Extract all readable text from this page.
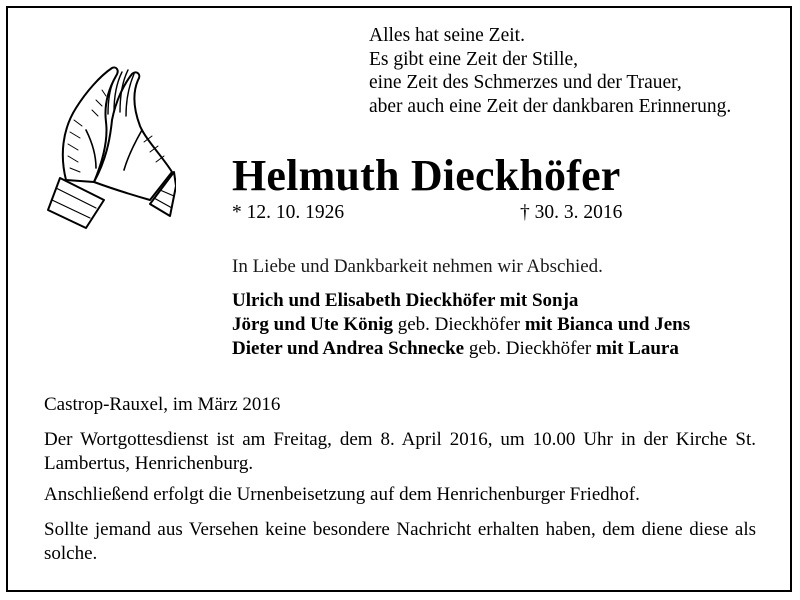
Alles hat seine Zeit.
Es gibt eine Zeit der Stille,
eine Zeit des Schmerzes und der Trauer,
aber auch eine Zeit der dankbaren Erinnerung.
Helmuth Dieckhöfer
* 12. 10. 1926	† 30. 3. 2016
In Liebe und Dankbarkeit nehmen wir Abschied.
Ulrich und Elisabeth Dieckhöfer mit Sonja
Jörg und Ute König geb. Dieckhöfer mit Bianca und Jens
Dieter und Andrea Schnecke geb. Dieckhöfer mit Laura
Castrop-Rauxel, im März 2016
Der Wortgottesdienst ist am Freitag, dem 8. April 2016, um 10.00 Uhr in der Kirche St. Lambertus, Henrichenburg.
Anschließend erfolgt die Urnenbeisetzung auf dem Henrichenburger Friedhof.
Sollte jemand aus Versehen keine besondere Nachricht erhalten haben, dem diene diese als solche.
